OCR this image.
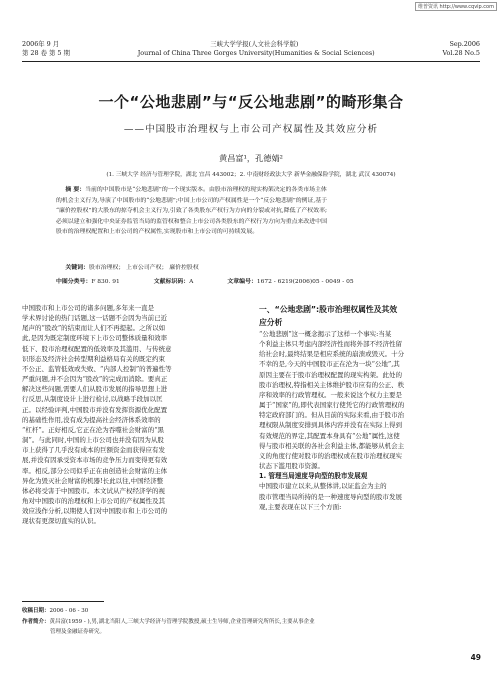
维普资讯 http://www.cqvip.com
2006年 9 月	三峡大学学报(人文社会科学版)	Sep.2006
第 28 卷 第 5 期	Journal of China Three Gorges University(Humanities & Social Sciences)	Vol.28 No.5
一个“公地悲剧”与“反公地悲剧”的畸形集合
——中国股市治理权与上市公司产权属性及其效应分析
黄昌富¹，孔德婧²
(1. 三峡大学 经济与管理学院，湖北 宜昌 443002；2. 中南财经政法大学 新华金融保险学院，湖北 武汉 430074)
摘 要：当前的中国股市是“公地悲剧”的一个现实版本。由股市治理权的现实构架决定的各类市场主体
的机会主义行为,导演了中国股市的“公地悲剧”;中国上市公司的产权属性是一个“反公地悲剧”的例证,基于
“廉价控股权”的大股东的掠夺机会主义行为,引致了各类股东产权行为方向的分裂或对抗,降低了产权效率;
必须以建立和强化中央证券监管当局的监管权和整合上市公司各类股东的产权行为方向为重点来改进中国
股市的治理权配置和上市公司的产权属性,实现股市和上市公司的可持续发展。
关键词：股市治理权； 上市公司产权； 廉价控股权
中图分类号：F 830. 91	文献标识码：A	文章编号：1672 - 6219(2006)05 - 0049 - 05
中国股市和上市公司的诸多问题,多年来一直是
学术界讨论的热门话题,这一话题不会因为当前已近
尾声的“股改”的结束而让人们不再提起。之所以如
此,是因为既定制度环境下上市公司整体质量和效率
低下、股市治理权配置的低效率及其滥用、与传统意
识形态及经济社会转型期利益格局有关的既定约束
不公正、监管低效或失败、“内部人控制”的普遍性等
严重问题,并不会因为“股改”的完成而消除。要真正
解决这些问题,需要人们从股市发展的指导思想上进
行反思,从制度设计上进行检讨,以战略手段加以匡
正。以经验评判,中国股市并没有发挥资源优化配置
的基础性作用,没有成为提高社会经济体系效率的
“杠杆”。正好相反,它正在沦为吞噬社会财富的“黑
洞”。与此同时,中国的上市公司也并没有因为从股
市上获得了几乎没有成本的巨额资金而获得应有发
展,并没有因承受资本市场的竞争压力而变得更有效
率。相反,部分公司似乎正在由创造社会财富的主体
异化为毁灭社会财富的机器!长此以往,中国经济整
体必将受害于中国股市。本文试从产权经济学的视
角对中国股市的治理权和上市公司的产权属性及其
效应浅作分析,以期使人们对中国股市和上市公司的
现状有更深切直实的认识。
一、“公地悲剧”:股市治理权属性及其效
应分析
“公地悲剧”这一概念揭示了这样一个事实:当某
个利益主体只考虑内部经济性而将外部不经济性留
给社会时,最终结果是相应系统的崩溃或毁灭。十分
不幸的是,今天的中国股市正在沦为一块“公地”,其
原因主要在于股市治理权配置的现实构架。此处的
股市治理权,特指相关主体维护股市应有的公正、秩
序和效率的行政管理权。一般来说这个权力主要是
属于“国家”的,即代表国家行使凭它的行政管理权的
特定政府部门的。但从目前的实际来看,由于股市治
理权限从制度安排到具体内容并没有在实际上得到
有效规范的界定,其配置本身具有“公地”属性,这使
得与股市相关联的各社会利益主体,都能够从机会主
义的角度行使对股市的治理权或在股市治理权现实
状态下滥用股市资源。
1. 管理当局速度导向型的股市发展观
中国股市建立以来,从整体讲,以证监会为主的
股市管理当局所持的是一种速度导向型的股市发展
观,主要表现在以下三个方面:
收稿日期：2006 - 06 - 30
作者简介：黄昌富(1959 - ),男,湖北当阳人,三峡大学经济与管理学院教授,硕士生导师,企业管理研究所所长,主要从事企业
管理及金融证券研究。
49
